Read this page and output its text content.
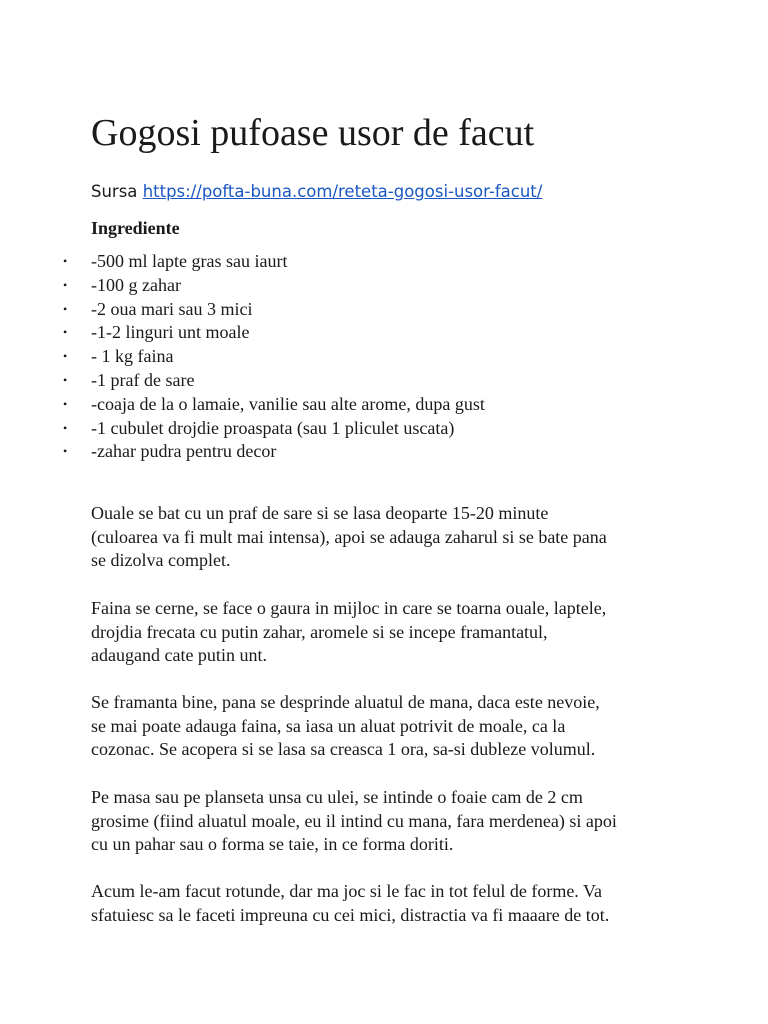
Gogosi pufoase usor de facut
Sursa https://pofta-buna.com/reteta-gogosi-usor-facut/
Ingrediente
• -500 ml lapte gras sau iaurt
• -100 g zahar
• -2 oua mari sau 3 mici
• -1-2 linguri unt moale
• - 1 kg faina
• -1 praf de sare
• -coaja de la o lamaie, vanilie sau alte arome, dupa gust
• -1 cubulet drojdie proaspata (sau 1 pliculet uscata)
• -zahar pudra pentru decor

Ouale se bat cu un praf de sare si se lasa deoparte 15-20 minute
(culoarea va fi mult mai intensa), apoi se adauga zaharul si se bate pana
se dizolva complet.

Faina se cerne, se face o gaura in mijloc in care se toarna ouale, laptele,
drojdia frecata cu putin zahar, aromele si se incepe framantatul,
adaugand cate putin unt.

Se framanta bine, pana se desprinde aluatul de mana, daca este nevoie,
se mai poate adauga faina, sa iasa un aluat potrivit de moale, ca la
cozonac. Se acopera si se lasa sa creasca 1 ora, sa-si dubleze volumul.

Pe masa sau pe planseta unsa cu ulei, se intinde o foaie cam de 2 cm
grosime (fiind aluatul moale, eu il intind cu mana, fara merdenea) si apoi
cu un pahar sau o forma se taie, in ce forma doriti.

Acum le-am facut rotunde, dar ma joc si le fac in tot felul de forme. Va
sfatuiesc sa le faceti impreuna cu cei mici, distractia va fi maaare de tot.
